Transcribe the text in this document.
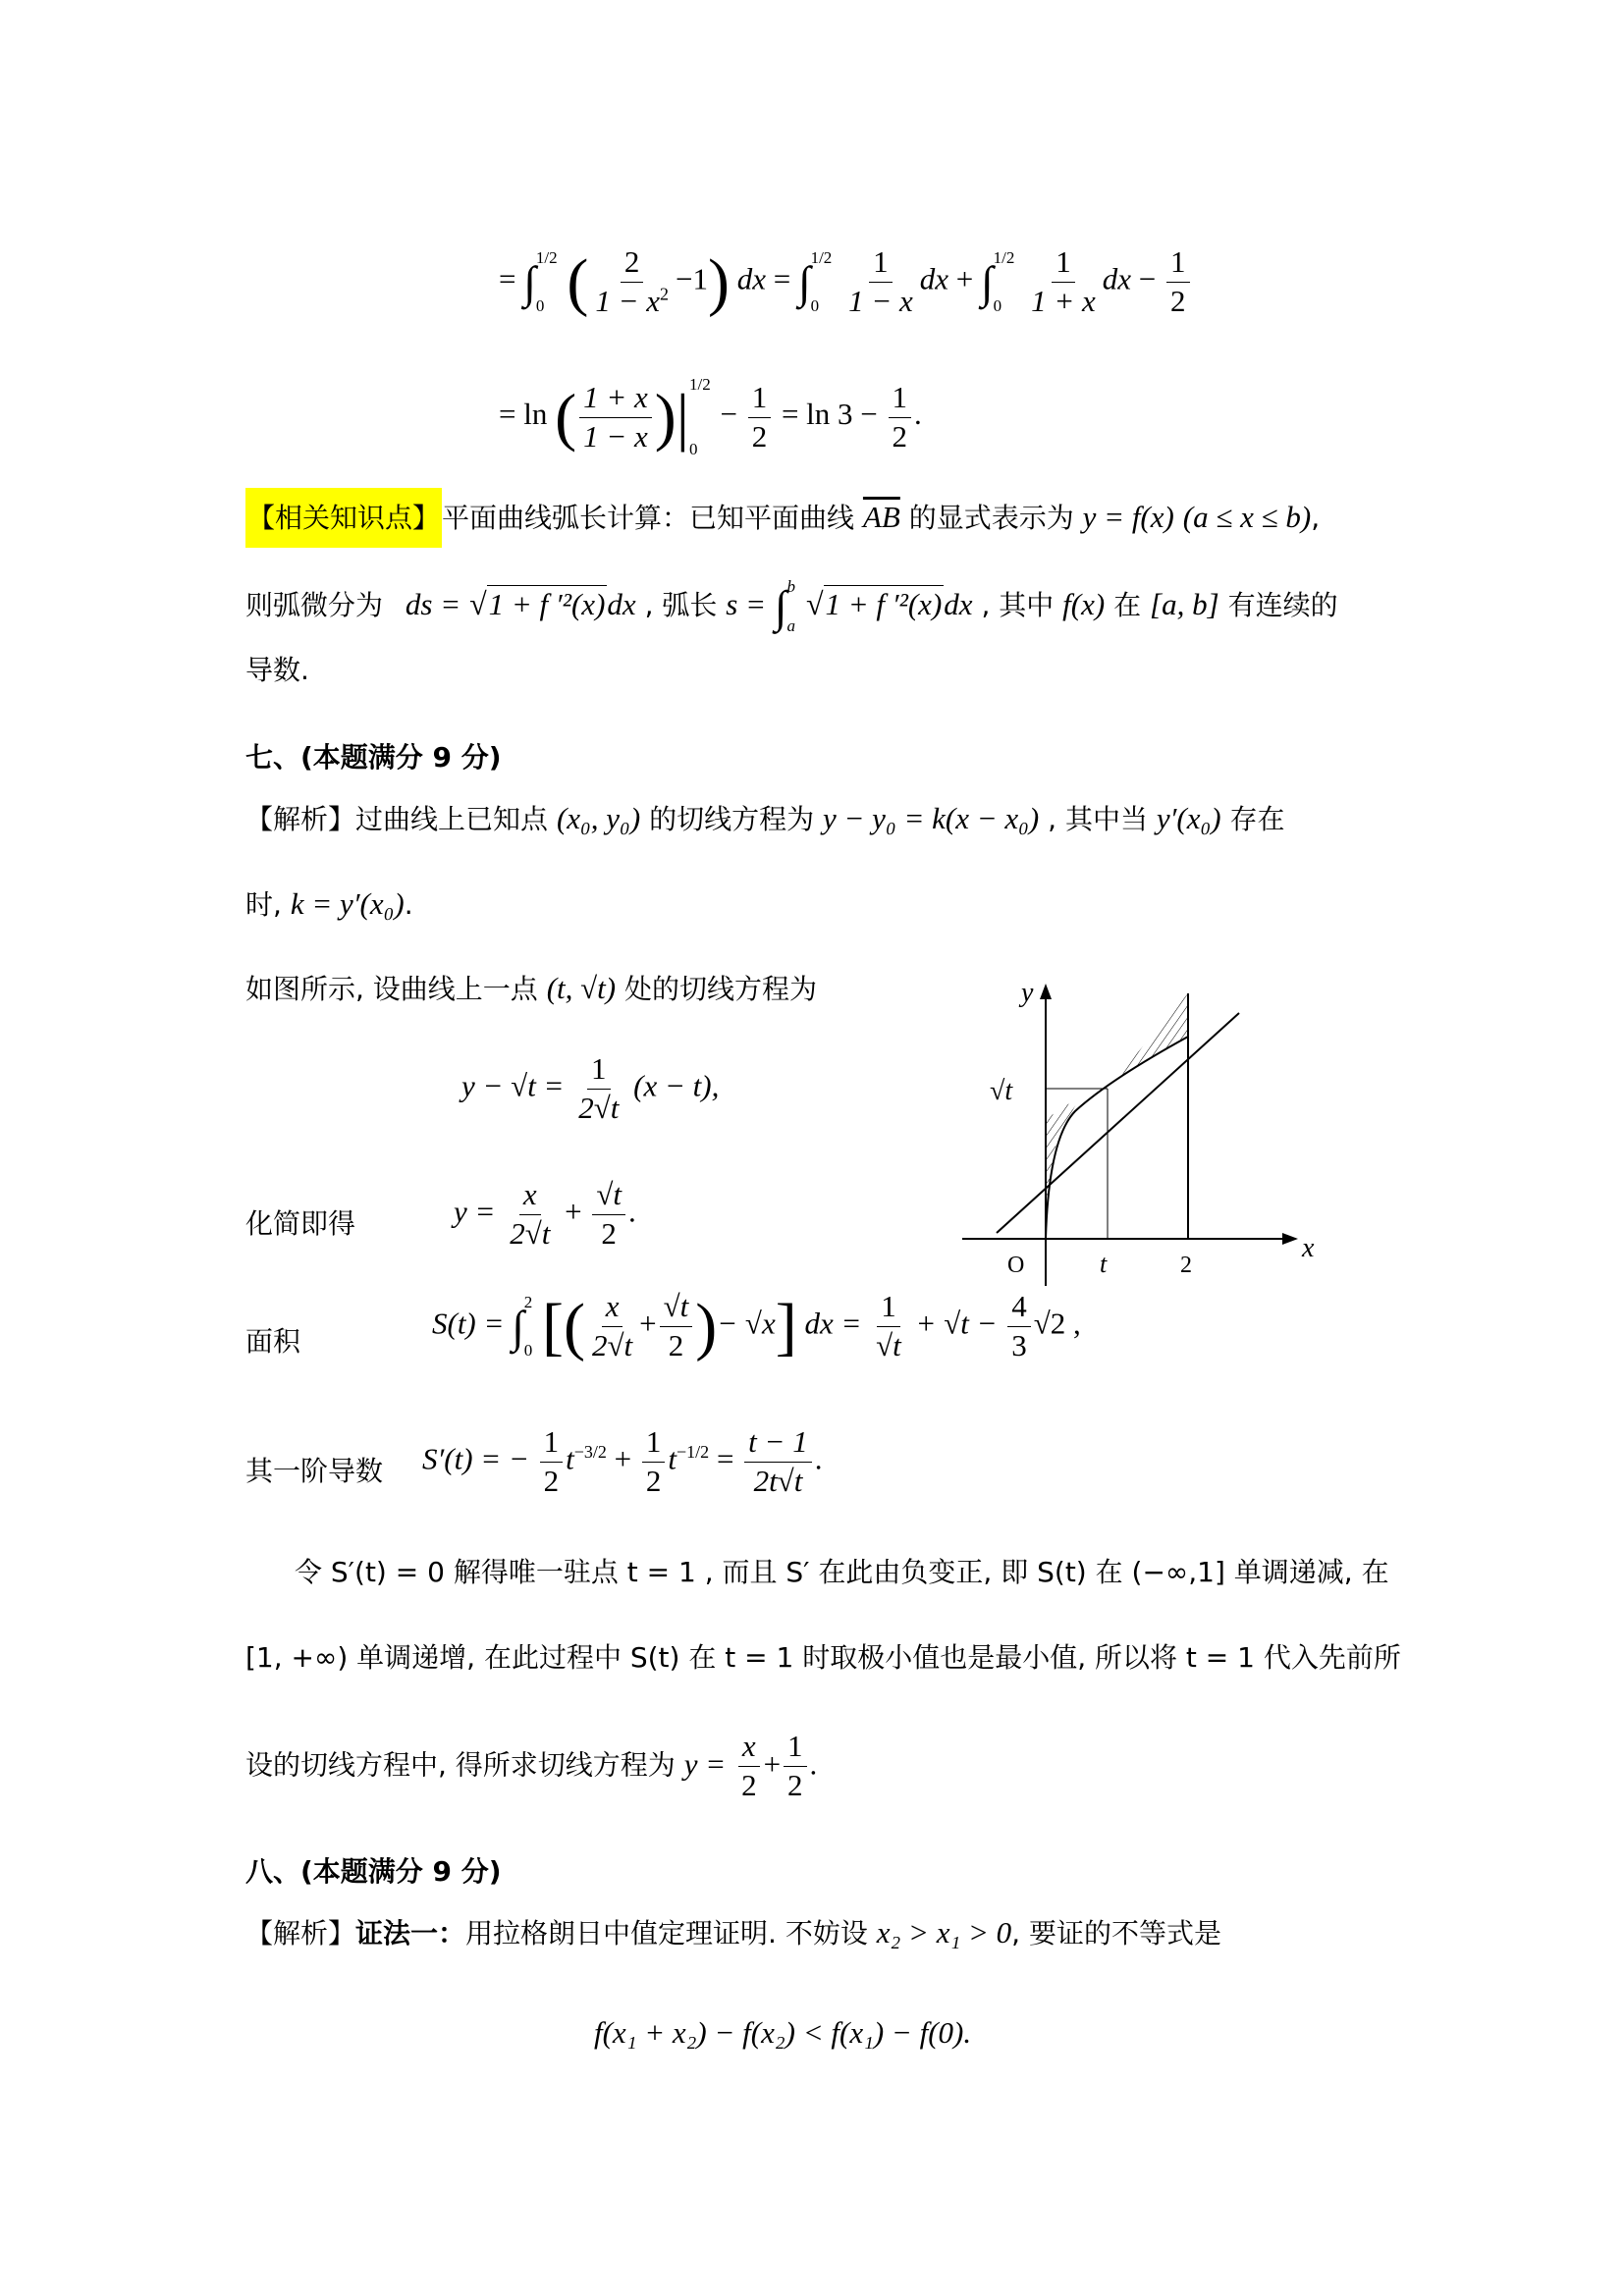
= ∫ 1/2
0 ( $\frac{2}{1 - x^2} -1$) dx = ∫ 1/2
0
$\frac{1}{1 - x}$ dx + ∫ 1/2
0
$\frac{1}{1 + x}$ dx − $\frac{1}{2}$
= ln ( $\frac{1 + x}{1 - x}$ )| 1/2
0
− $\frac{1}{2} = \ln 3 - \frac{1}{2}$ .
【相关知识点】平面曲线弧长计算：已知平面曲线 $\overline{AB}$ 的显式表示为 y = f(x) (a ≤ x ≤ b),
则弧微分为 ds = √1 + f ′²(x)dx , 弧长 s = ∫ b
a
√1 + f ′²(x)dx , 其中 f(x) 在 [a, b] 有连续的
导数.
七、(本题满分 9 分)
【解析】过曲线上已知点 (x₀, y₀) 的切线方程为 y − y₀ = k(x − x₀) , 其中当 y′(x₀) 存在
时, k = y′(x₀).
如图所示, 设曲线上一点 (t, √t) 处的切线方程为
$y - √t = \frac{1}{2√t} (x - t)$,
化简即得	$y = \frac{x}{2√t} + \frac{√t}{2}$ .
面积
S(t) = ∫ 2
0 [( $\frac{x}{2√t} + \frac{√t}{2}$ )− √x] dx = $\frac{1}{√t} + √t - \frac{4}{3} √2$ ,
其一阶导数 S′(t) = − $\frac{1}{2} t^{-3/2} + \frac{1}{2} t^{-1/2} = \frac{t - 1}{2t√t}$ .
令 S′(t) = 0 解得唯一驻点 t = 1 , 而且 S′ 在此由负变正, 即 S(t) 在 (−∞,1] 单调递减, 在
[1, +∞) 单调递增, 在此过程中 S(t) 在 t = 1 时取极小值也是最小值, 所以将 t = 1 代入先前所
设的切线方程中, 得所求切线方程为 $y = \frac{x}{2} + \frac{1}{2}$ .
y
x
O	t	2
√t
八、(本题满分 9 分)
【解析】证法一：用拉格朗日中值定理证明. 不妨设 x₂ > x₁ > 0, 要证的不等式是
f(x₁ + x₂) − f(x₂) < f(x₁) − f(0).
